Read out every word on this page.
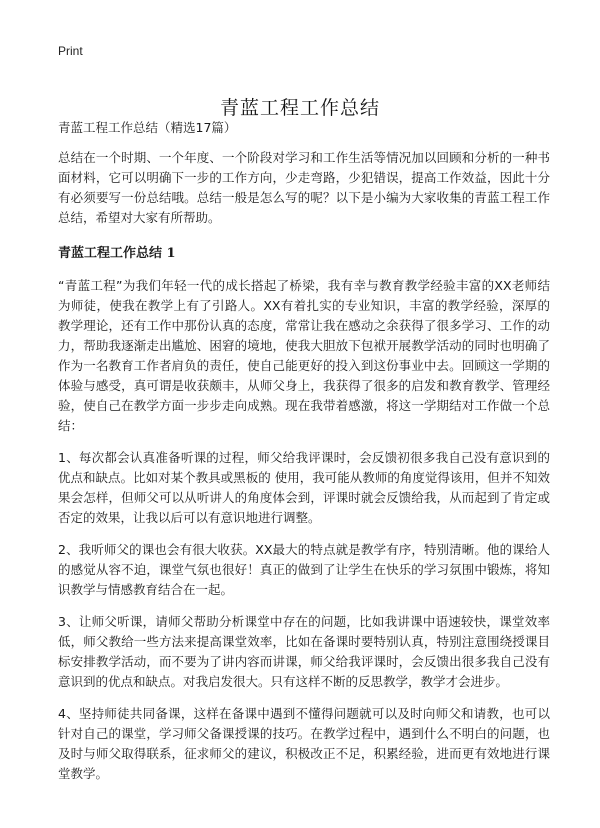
Print
青蓝工程工作总结

青蓝工程工作总结（精选17篇）

总结在一个时期、一个年度、一个阶段对学习和工作生活等情况加以回顾和分析的一种书面材料，它可以明确下一步的工作方向，少走弯路，少犯错误，提高工作效益，因此十分有必须要写一份总结哦。总结一般是怎么写的呢？以下是小编为大家收集的青蓝工程工作总结，希望对大家有所帮助。

青蓝工程工作总结 1

“青蓝工程”为我们年轻一代的成长搭起了桥梁，我有幸与教育教学经验丰富的XX老师结为师徒，使我在教学上有了引路人。XX有着扎实的专业知识，丰富的教学经验，深厚的教学理论，还有工作中那份认真的态度，常常让我在感动之余获得了很多学习、工作的动力，帮助我逐渐走出尴尬、困窘的境地，使我大胆放下包袱开展教学活动的同时也明确了作为一名教育工作者肩负的责任，使自己能更好的投入到这份事业中去。回顾这一学期的体验与感受，真可谓是收获颇丰，从师父身上，我获得了很多的启发和教育教学、管理经验，使自己在教学方面一步步走向成熟。现在我带着感激，将这一学期结对工作做一个总结：

1、每次都会认真准备听课的过程，师父给我评课时，会反馈初很多我自己没有意识到的优点和缺点。比如对某个教具或黑板的 使用，我可能从教师的角度觉得该用，但并不知效果会怎样，但师父可以从听讲人的角度体会到，评课时就会反馈给我，从而起到了肯定或否定的效果，让我以后可以有意识地进行调整。

2、我听师父的课也会有很大收获。XX最大的特点就是教学有序，特别清晰。他的课给人的感觉从容不迫，课堂气氛也很好！真正的做到了让学生在快乐的学习氛围中锻炼，将知识教学与情感教育结合在一起。

3、让师父听课，请师父帮助分析课堂中存在的问题，比如我讲课中语速较快，课堂效率低，师父教给一些方法来提高课堂效率，比如在备课时要特别认真，特别注意围绕授课目标安排教学活动，而不要为了讲内容而讲课，师父给我评课时，会反馈出很多我自己没有意识到的优点和缺点。对我启发很大。只有这样不断的反思教学，教学才会进步。

4、坚持师徒共同备课，这样在备课中遇到不懂得问题就可以及时向师父和请教，也可以针对自己的课堂，学习师父备课授课的技巧。在教学过程中，遇到什么不明白的问题，也及时与师父取得联系，征求师父的建议，积极改正不足，积累经验，进而更有效地进行课堂教学。
